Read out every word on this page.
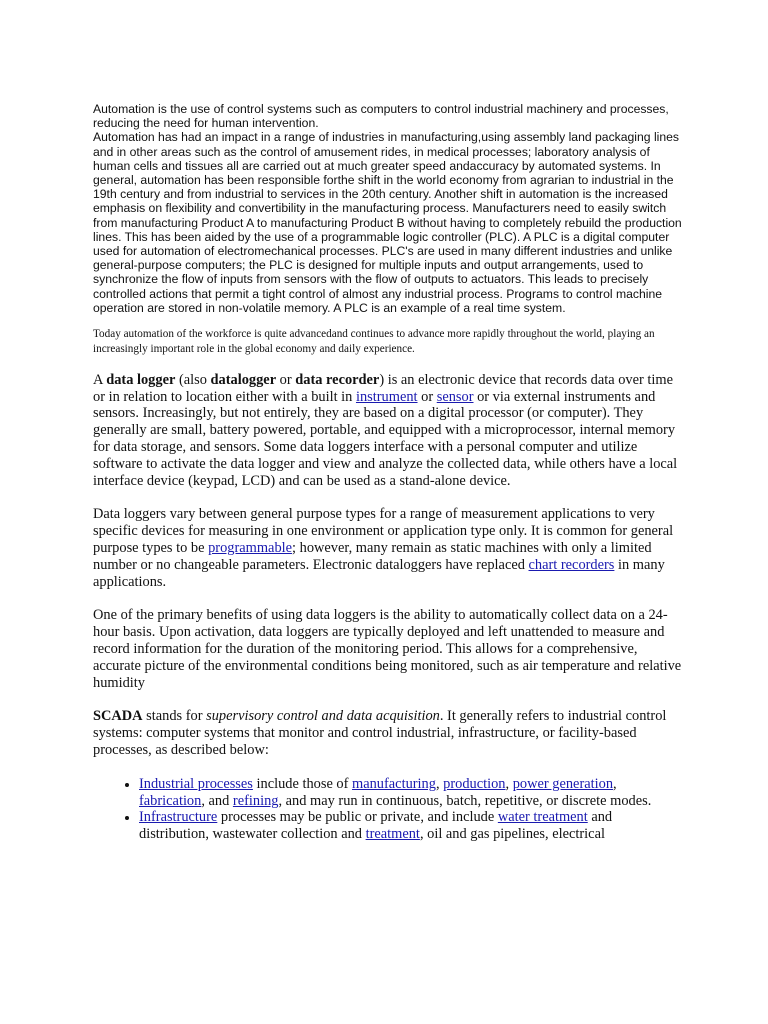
Automation is the use of control systems such as computers to control industrial machinery and processes, reducing the need for human intervention.

Automation has had an impact in a range of industries in manufacturing,using assembly land packaging lines and in other areas such as the control of amusement rides, in medical processes; laboratory analysis of human cells and tissues all are carried out at much greater speed andaccuracy by automated systems. In general, automation has been responsible forthe shift in the world economy from agrarian to industrial in the 19th century and from industrial to services in the 20th century. Another shift in automation is the increased emphasis on flexibility and convertibility in the manufacturing process. Manufacturers need to easily switch from manufacturing Product A to manufacturing Product B without having to completely rebuild the production lines. This has been aided by the use of a programmable logic controller (PLC). A PLC is a digital computer used for automation of electromechanical processes. PLC's are used in many different industries and unlike general-purpose computers; the PLC is designed for multiple inputs and output arrangements, used to synchronize the flow of inputs from sensors with the flow of outputs to actuators. This leads to precisely controlled actions that permit a tight control of almost any industrial process. Programs to control machine operation are stored in non-volatile memory. A PLC is an example of a real time system.

Today automation of the workforce is quite advancedand continues to advance more rapidly throughout the world, playing an increasingly important role in the global economy and daily experience.

A data logger (also datalogger or data recorder) is an electronic device that records data over time or in relation to location either with a built in instrument or sensor or via external instruments and sensors. Increasingly, but not entirely, they are based on a digital processor (or computer). They generally are small, battery powered, portable, and equipped with a microprocessor, internal memory for data storage, and sensors. Some data loggers interface with a personal computer and utilize software to activate the data logger and view and analyze the collected data, while others have a local interface device (keypad, LCD) and can be used as a stand-alone device.

Data loggers vary between general purpose types for a range of measurement applications to very specific devices for measuring in one environment or application type only. It is common for general purpose types to be programmable; however, many remain as static machines with only a limited number or no changeable parameters. Electronic dataloggers have replaced chart recorders in many applications.

One of the primary benefits of using data loggers is the ability to automatically collect data on a 24-hour basis. Upon activation, data loggers are typically deployed and left unattended to measure and record information for the duration of the monitoring period. This allows for a comprehensive, accurate picture of the environmental conditions being monitored, such as air temperature and relative humidity

SCADA stands for supervisory control and data acquisition. It generally refers to industrial control systems: computer systems that monitor and control industrial, infrastructure, or facility-based processes, as described below:

• Industrial processes include those of manufacturing, production, power generation, fabrication, and refining, and may run in continuous, batch, repetitive, or discrete modes.
• Infrastructure processes may be public or private, and include water treatment and distribution, wastewater collection and treatment, oil and gas pipelines, electrical
